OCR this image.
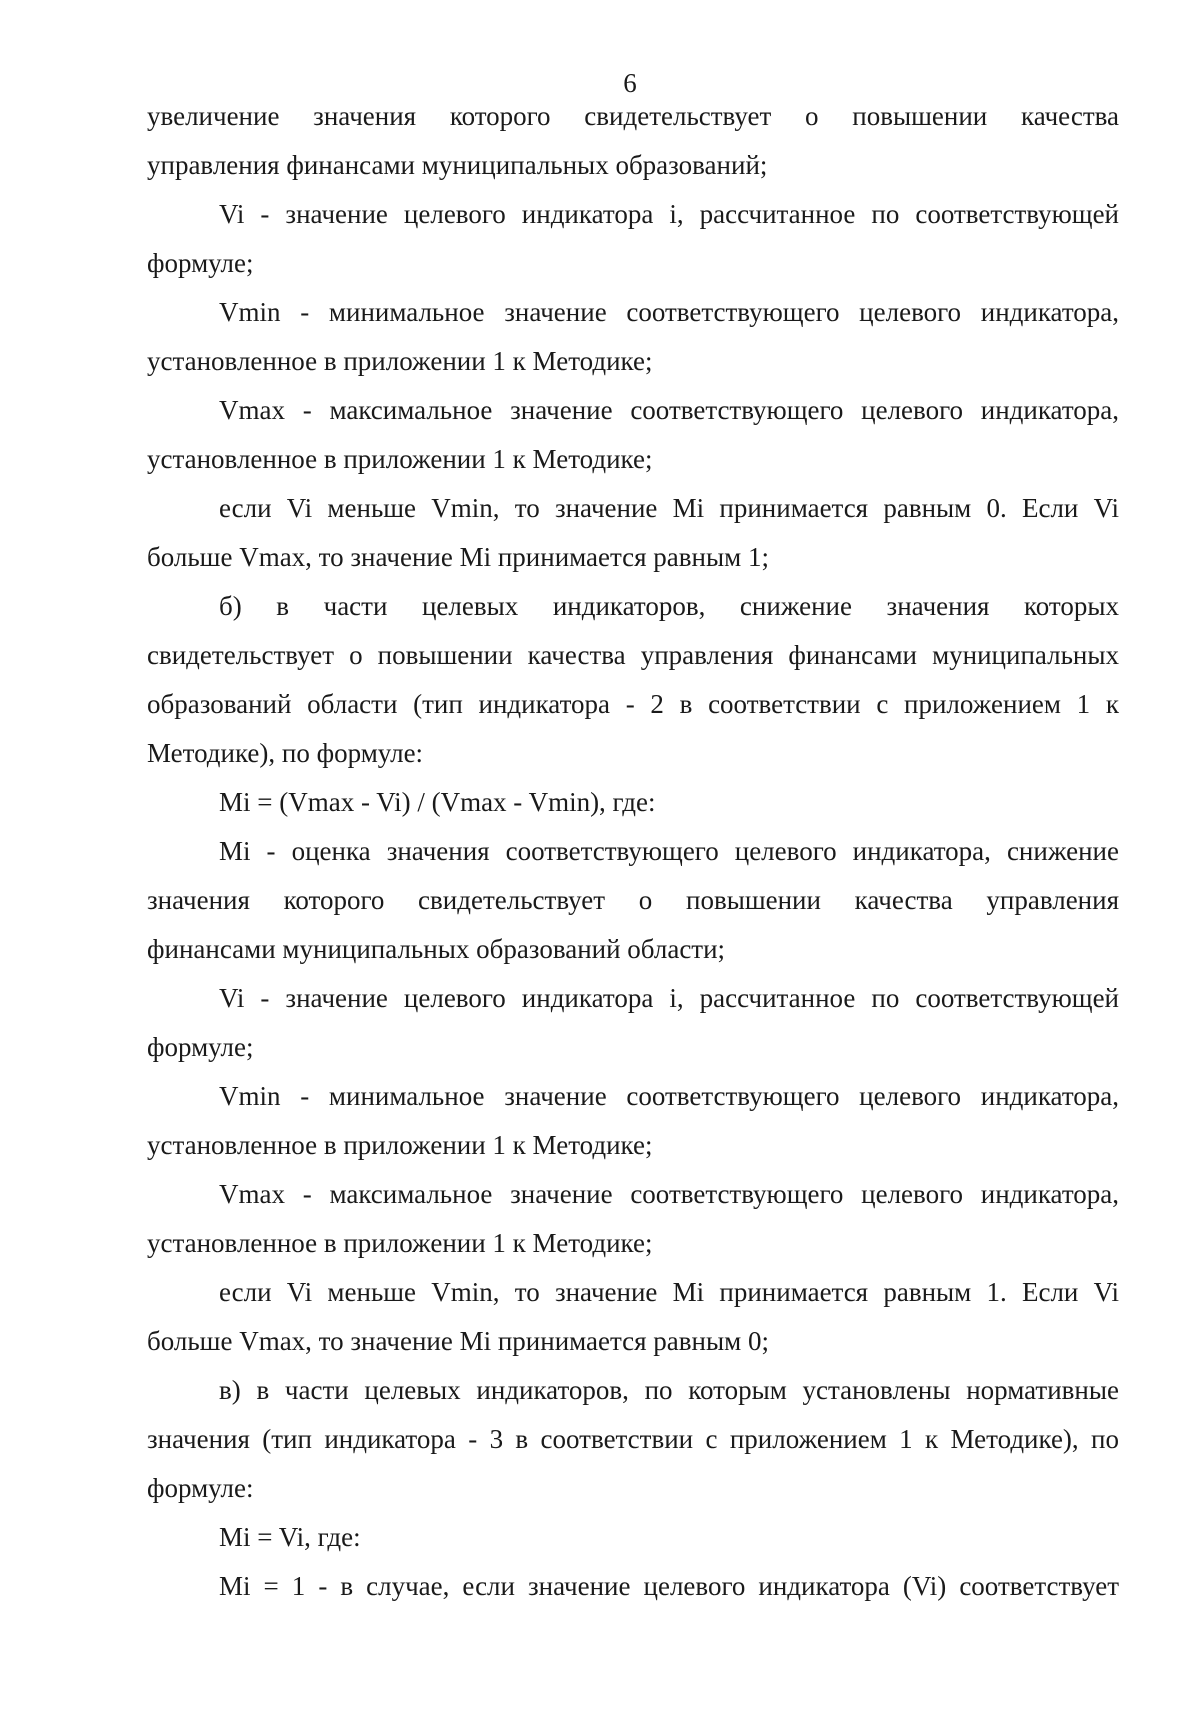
6
увеличение значения которого свидетельствует о повышении качества
управления финансами муниципальных образований;
Vi - значение целевого индикатора i, рассчитанное по соответствующей
формуле;
Vmin - минимальное значение соответствующего целевого индикатора,
установленное в приложении 1 к Методике;
Vmax - максимальное значение соответствующего целевого индикатора,
установленное в приложении 1 к Методике;
если Vi меньше Vmin, то значение Mi принимается равным 0. Если Vi
больше Vmax, то значение Mi принимается равным 1;
б) в части целевых индикаторов, снижение значения которых
свидетельствует о повышении качества управления финансами муниципальных
образований области (тип индикатора - 2 в соответствии с приложением 1 к
Методике), по формуле:
Mi = (Vmax - Vi) / (Vmax - Vmin), где:
Mi - оценка значения соответствующего целевого индикатора, снижение
значения которого свидетельствует о повышении качества управления
финансами муниципальных образований области;
Vi - значение целевого индикатора i, рассчитанное по соответствующей
формуле;
Vmin - минимальное значение соответствующего целевого индикатора,
установленное в приложении 1 к Методике;
Vmax - максимальное значение соответствующего целевого индикатора,
установленное в приложении 1 к Методике;
если Vi меньше Vmin, то значение Mi принимается равным 1. Если Vi
больше Vmax, то значение Mi принимается равным 0;
в) в части целевых индикаторов, по которым установлены нормативные
значения (тип индикатора - 3 в соответствии с приложением 1 к Методике), по
формуле:
Mi = Vi, где:
Mi = 1 - в случае, если значение целевого индикатора (Vi) соответствует
